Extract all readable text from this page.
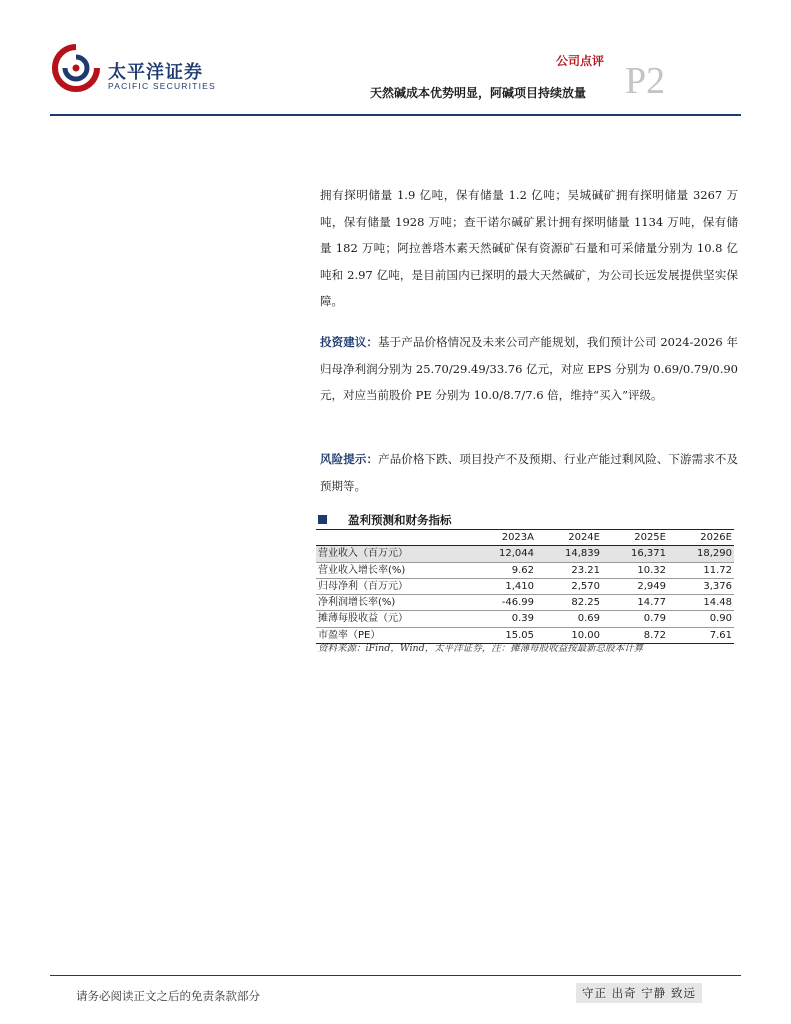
太平洋证券
PACIFIC SECURITIES
公司点评 P2
天然碱成本优势明显，阿碱项目持续放量
拥有探明储量 1.9 亿吨，保有储量 1.2 亿吨；吴城碱矿拥有探明储量 3267 万吨，保有储量 1928 万吨；查干诺尔碱矿累计拥有探明储量 1134 万吨，保有储量 182 万吨；阿拉善塔木素天然碱矿保有资源矿石量和可采储量分别为 10.8 亿吨和 2.97 亿吨，是目前国内已探明的最大天然碱矿，为公司长远发展提供坚实保障。
投资建议：基于产品价格情况及未来公司产能规划，我们预计公司 2024-2026 年归母净利润分别为 25.70/29.49/33.76 亿元，对应 EPS 分别为 0.69/0.79/0.90 元，对应当前股价 PE 分别为 10.0/8.7/7.6 倍，维持“买入”评级。
风险提示：产品价格下跌、项目投产不及预期、行业产能过剩风险、下游需求不及预期等。
盈利预测和财务指标
	2023A	2024E	2025E	2026E
营业收入（百万元）	12,044	14,839	16,371	18,290
营业收入增长率(%)	9.62	23.21	10.32	11.72
归母净利（百万元）	1,410	2,570	2,949	3,376
净利润增长率(%)	-46.99	82.25	14.77	14.48
摊薄每股收益（元）	0.39	0.69	0.79	0.90
市盈率（PE）	15.05	10.00	8.72	7.61
资料来源：iFind，Wind，太平洋证券，注：摊薄每股收益按最新总股本计算
请务必阅读正文之后的免责条款部分	守正 出奇 宁静 致远
